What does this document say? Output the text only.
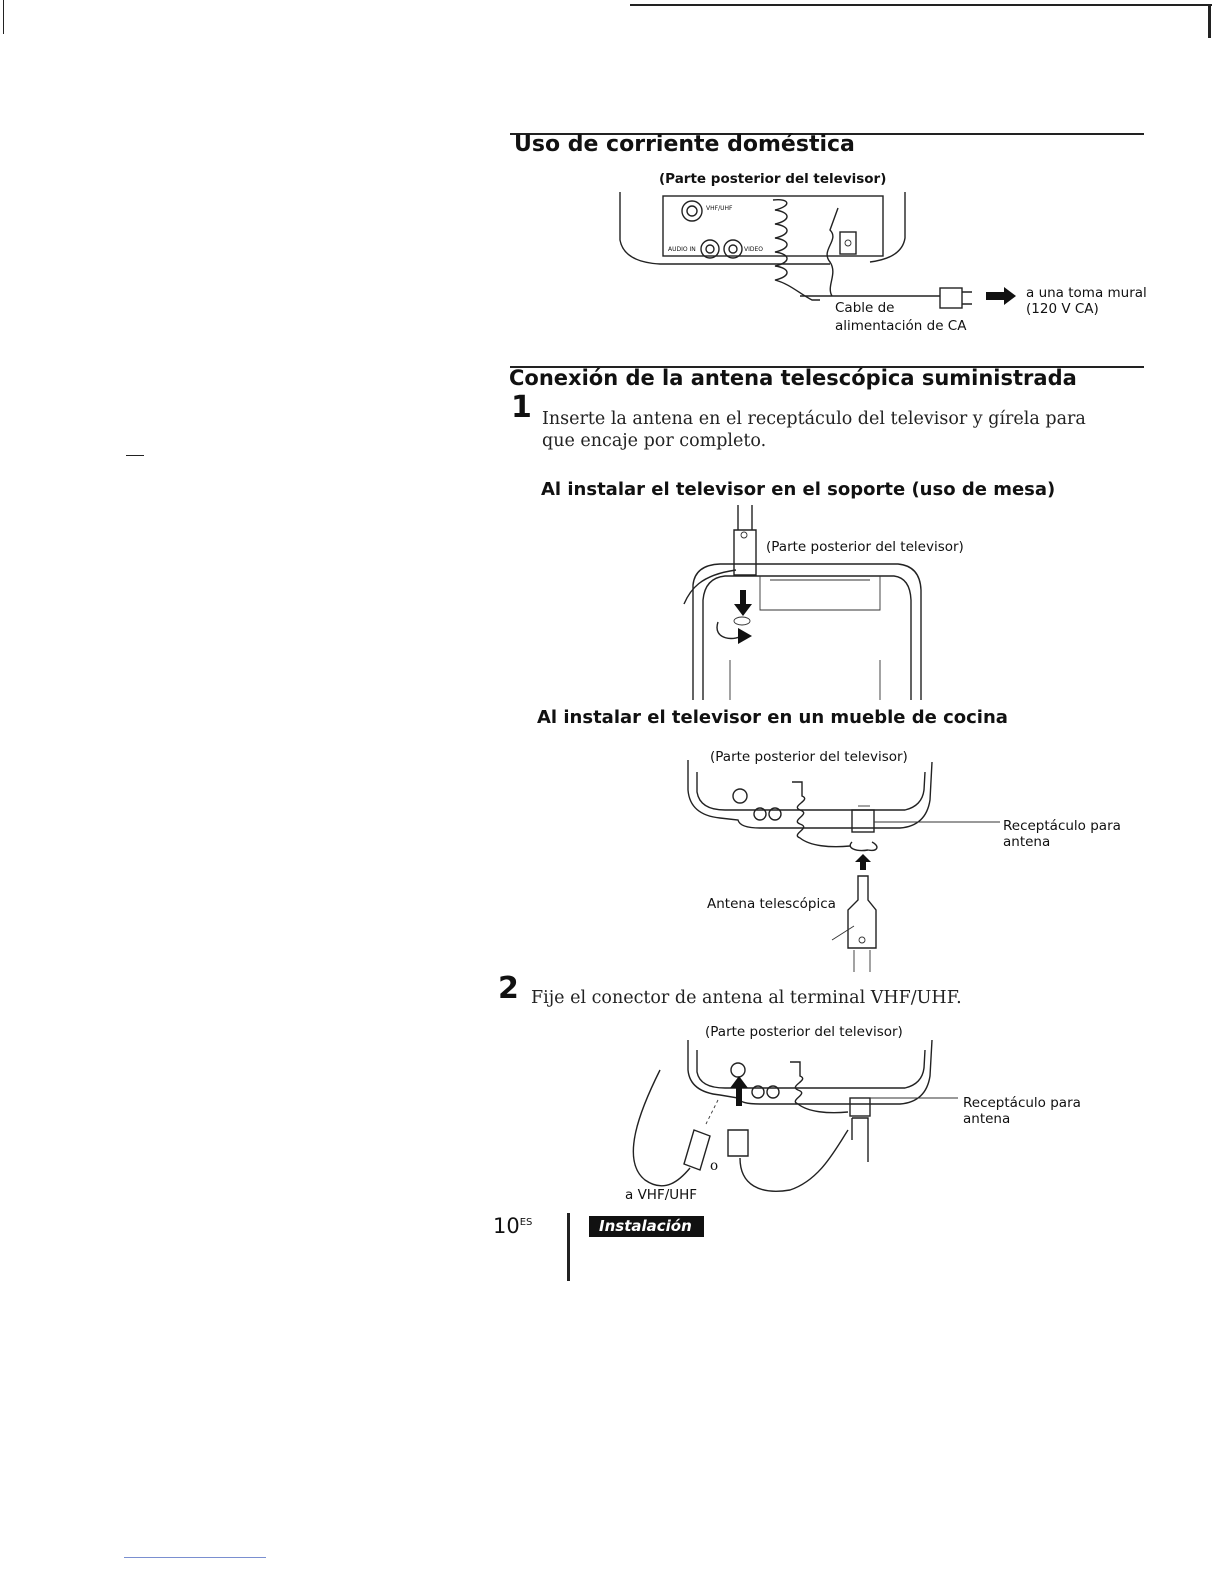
Uso de corriente doméstica
(Parte posterior del televisor)
VHF/UHF
AUDIO IN	VIDEO
Cable de
alimentación de CA
a una toma mural
(120 V CA)
Conexión de la antena telescópica suministrada
1 Inserte la antena en el receptáculo del televisor y gírela para que encaje por completo.
Al instalar el televisor en el soporte (uso de mesa)
(Parte posterior del televisor)
Al instalar el televisor en un mueble de cocina
(Parte posterior del televisor)
Receptáculo para
antena
Antena telescópica
2 Fije el conector de antena al terminal VHF/UHF.
(Parte posterior del televisor)
Receptáculo para
antena
o
a VHF/UHF
$10^{ES}$	Instalación
